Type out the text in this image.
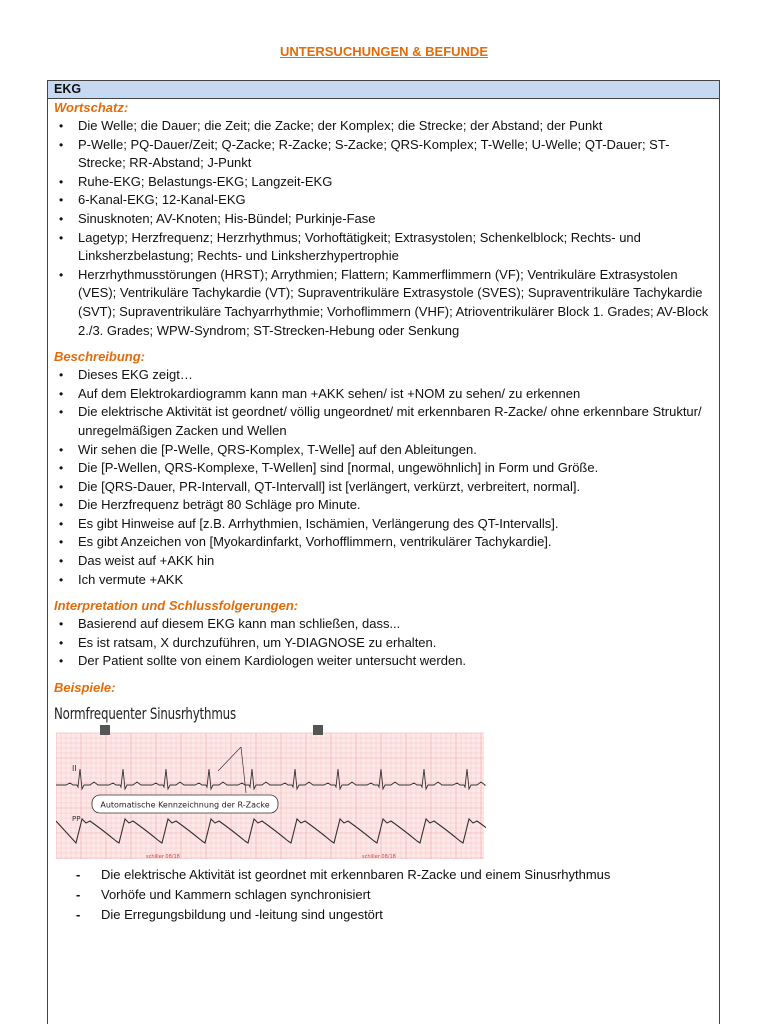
UNTERSUCHUNGEN & BEFUNDE
EKG
Wortschatz:
• Die Welle; die Dauer; die Zeit; die Zacke; der Komplex; die Strecke; der Abstand; der Punkt
• P-Welle; PQ-Dauer/Zeit; Q-Zacke; R-Zacke; S-Zacke; QRS-Komplex; T-Welle; U-Welle; QT-Dauer; ST-Strecke; RR-Abstand; J-Punkt
• Ruhe-EKG; Belastungs-EKG; Langzeit-EKG
• 6-Kanal-EKG; 12-Kanal-EKG
• Sinusknoten; AV-Knoten; His-Bündel; Purkinje-Fase
• Lagetyp; Herzfrequenz; Herzrhythmus; Vorhoftätigkeit; Extrasystolen; Schenkelblock; Rechts- und Linksherzbelastung; Rechts- und Linksherzhypertrophie
• Herzrhythmusstörungen (HRST); Arrythmien; Flattern; Kammerflimmern (VF); Ventrikuläre Extrasystolen (VES); Ventrikuläre Tachykardie (VT); Supraventrikuläre Extrasystole (SVES); Supraventrikuläre Tachykardie (SVT); Supraventrikuläre Tachyarrhythmie; Vorhoflimmern (VHF); Atrioventrikulärer Block 1. Grades; AV-Block 2./3. Grades; WPW-Syndrom; ST-Strecken-Hebung oder Senkung
Beschreibung:
• Dieses EKG zeigt…
• Auf dem Elektrokardiogramm kann man +AKK sehen/ ist +NOM zu sehen/ zu erkennen
• Die elektrische Aktivität ist geordnet/ völlig ungeordnet/ mit erkennbaren R-Zacke/ ohne erkennbare Struktur/ unregelmäßigen Zacken und Wellen
• Wir sehen die [P-Welle, QRS-Komplex, T-Welle] auf den Ableitungen.
• Die [P-Wellen, QRS-Komplexe, T-Wellen] sind [normal, ungewöhnlich] in Form und Größe.
• Die [QRS-Dauer, PR-Intervall, QT-Intervall] ist [verlängert, verkürzt, verbreitert, normal].
• Die Herzfrequenz beträgt 80 Schläge pro Minute.
• Es gibt Hinweise auf [z.B. Arrhythmien, Ischämien, Verlängerung des QT-Intervalls].
• Es gibt Anzeichen von [Myokardinfarkt, Vorhofflimmern, ventrikulärer Tachykardie].
• Das weist auf +AKK hin
• Ich vermute +AKK
Interpretation und Schlussfolgerungen:
• Basierend auf diesem EKG kann man schließen, dass...
• Es ist ratsam, X durchzuführen, um Y-DIAGNOSE zu erhalten.
• Der Patient sollte von einem Kardiologen weiter untersucht werden.
Beispiele:
Normfrequenter Sinusrhythmus
II
PP
Automatische Kennzeichnung der R-Zacke
schiller 08/18	schiller 08/18
- Die elektrische Aktivität ist geordnet mit erkennbaren R-Zacke und einem Sinusrhythmus
- Vorhöfe und Kammern schlagen synchronisiert
- Die Erregungsbildung und -leitung sind ungestört
